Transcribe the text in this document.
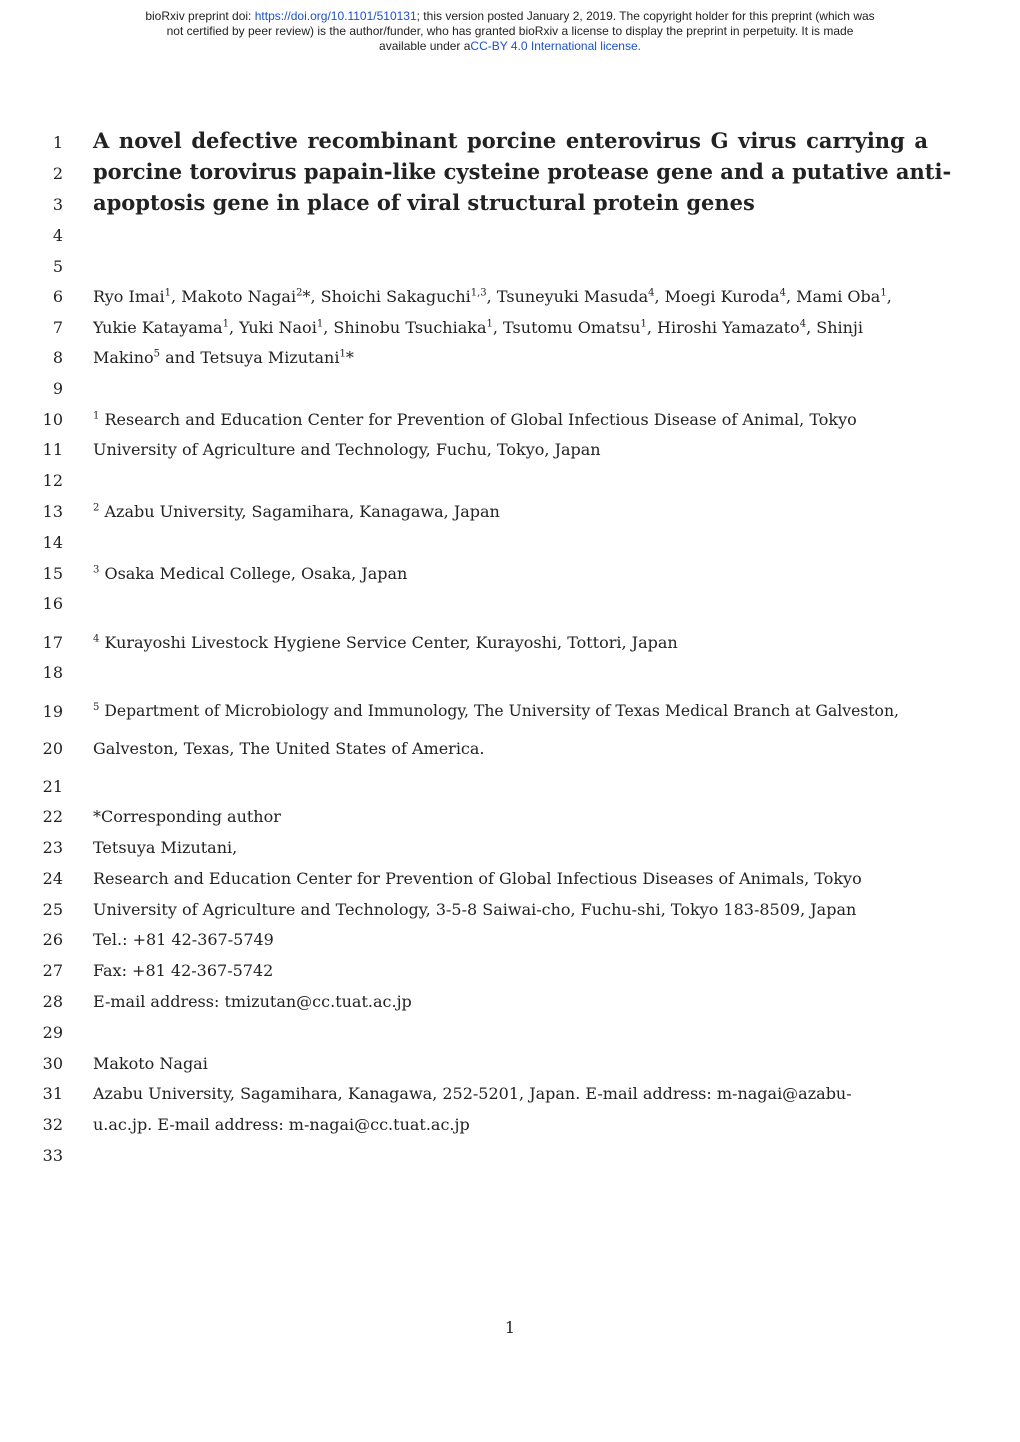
bioRxiv preprint doi: https://doi.org/10.1101/510131; this version posted January 2, 2019. The copyright holder for this preprint (which was
not certified by peer review) is the author/funder, who has granted bioRxiv a license to display the preprint in perpetuity. It is made
available under aCC-BY 4.0 International license.
1
2
3
4
5
6
7
8
9
10
11
12
13
14
15
16
17
18
19
20
21
22
23
24
25
26
27
28
29
30
31
32
33
A novel defective recombinant porcine enterovirus G virus carrying a
porcine torovirus papain-like cysteine protease gene and a putative anti-
apoptosis gene in place of viral structural protein genes
Ryo Imai$^1$, Makoto Nagai$^2$*, Shoichi Sakaguchi$^{1,3}$, Tsuneyuki Masuda$^4$, Moegi Kuroda$^4$, Mami Oba$^1$,
Yukie Katayama$^1$, Yuki Naoi$^1$, Shinobu Tsuchiaka$^1$, Tsutomu Omatsu$^1$, Hiroshi Yamazato$^4$, Shinji
Makino$^5$ and Tetsuya Mizutani$^1$*
$^1$ Research and Education Center for Prevention of Global Infectious Disease of Animal, Tokyo
University of Agriculture and Technology, Fuchu, Tokyo, Japan
$^2$ Azabu University, Sagamihara, Kanagawa, Japan
$^3$ Osaka Medical College, Osaka, Japan
$^4$ Kurayoshi Livestock Hygiene Service Center, Kurayoshi, Tottori, Japan
$^5$ Department of Microbiology and Immunology, The University of Texas Medical Branch at Galveston,
Galveston, Texas, The United States of America.
*Corresponding author
Tetsuya Mizutani,
Research and Education Center for Prevention of Global Infectious Diseases of Animals, Tokyo
University of Agriculture and Technology, 3-5-8 Saiwai-cho, Fuchu-shi, Tokyo 183-8509, Japan
Tel.: +81 42-367-5749
Fax: +81 42-367-5742
E-mail address: tmizutan@cc.tuat.ac.jp
Makoto Nagai
Azabu University, Sagamihara, Kanagawa, 252-5201, Japan. E-mail address: m-nagai@azabu-
u.ac.jp. E-mail address: m-nagai@cc.tuat.ac.jp
1
